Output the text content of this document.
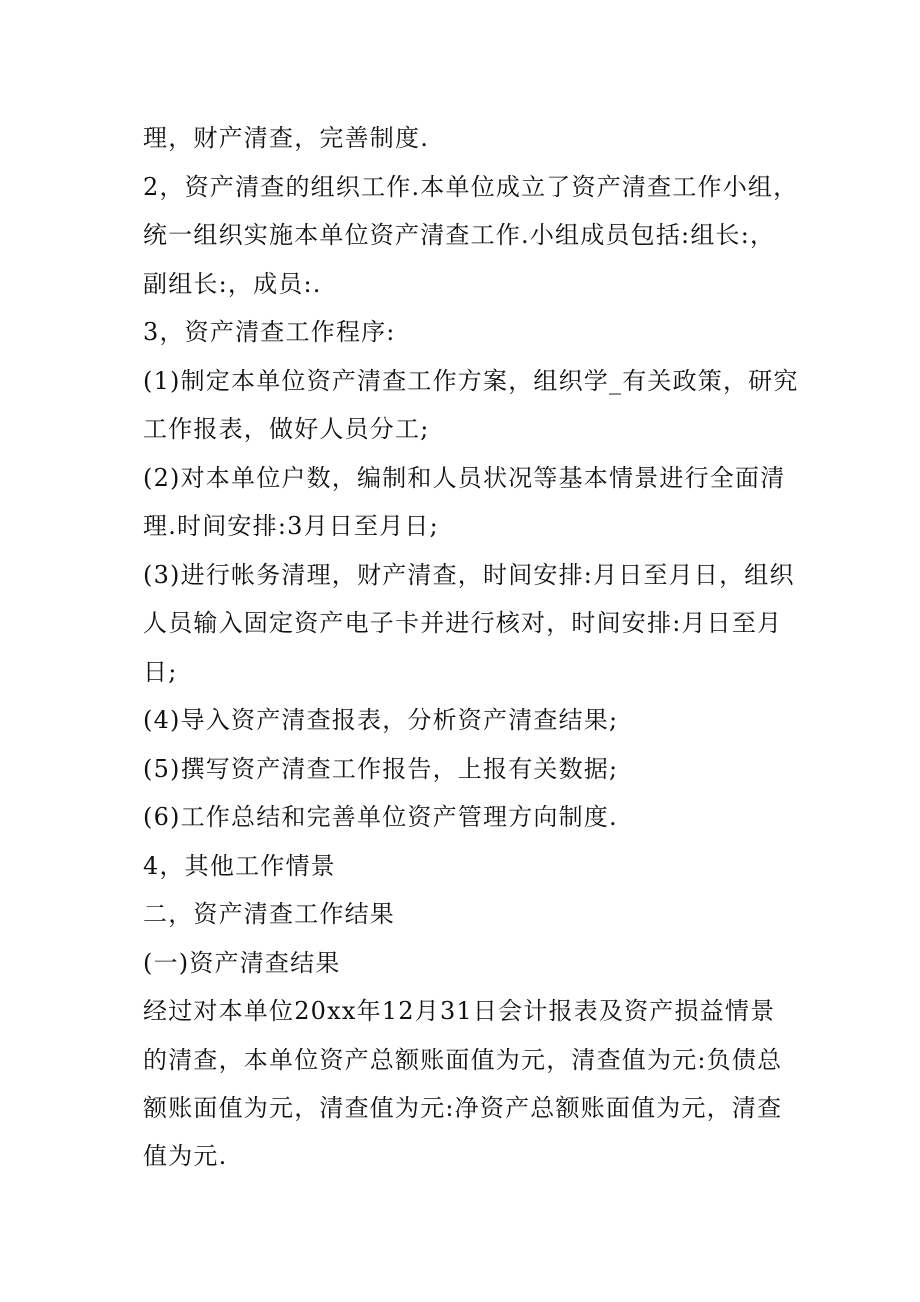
理，财产清查，完善制度.
2，资产清查的组织工作.本单位成立了资产清查工作小组，
统一组织实施本单位资产清查工作.小组成员包括:组长:，
副组长:，成员:.
3，资产清查工作程序:
(1)制定本单位资产清查工作方案，组织学_有关政策，研究
工作报表，做好人员分工;
(2)对本单位户数，编制和人员状况等基本情景进行全面清
理.时间安排:3月日至月日;
(3)进行帐务清理，财产清查，时间安排:月日至月日，组织
人员输入固定资产电子卡并进行核对，时间安排:月日至月
日;
(4)导入资产清查报表，分析资产清查结果;
(5)撰写资产清查工作报告，上报有关数据;
(6)工作总结和完善单位资产管理方向制度.
4，其他工作情景
二，资产清查工作结果
(一)资产清查结果
经过对本单位20xx年12月31日会计报表及资产损益情景
的清查，本单位资产总额账面值为元，清查值为元:负债总
额账面值为元，清查值为元:净资产总额账面值为元，清查
值为元.
